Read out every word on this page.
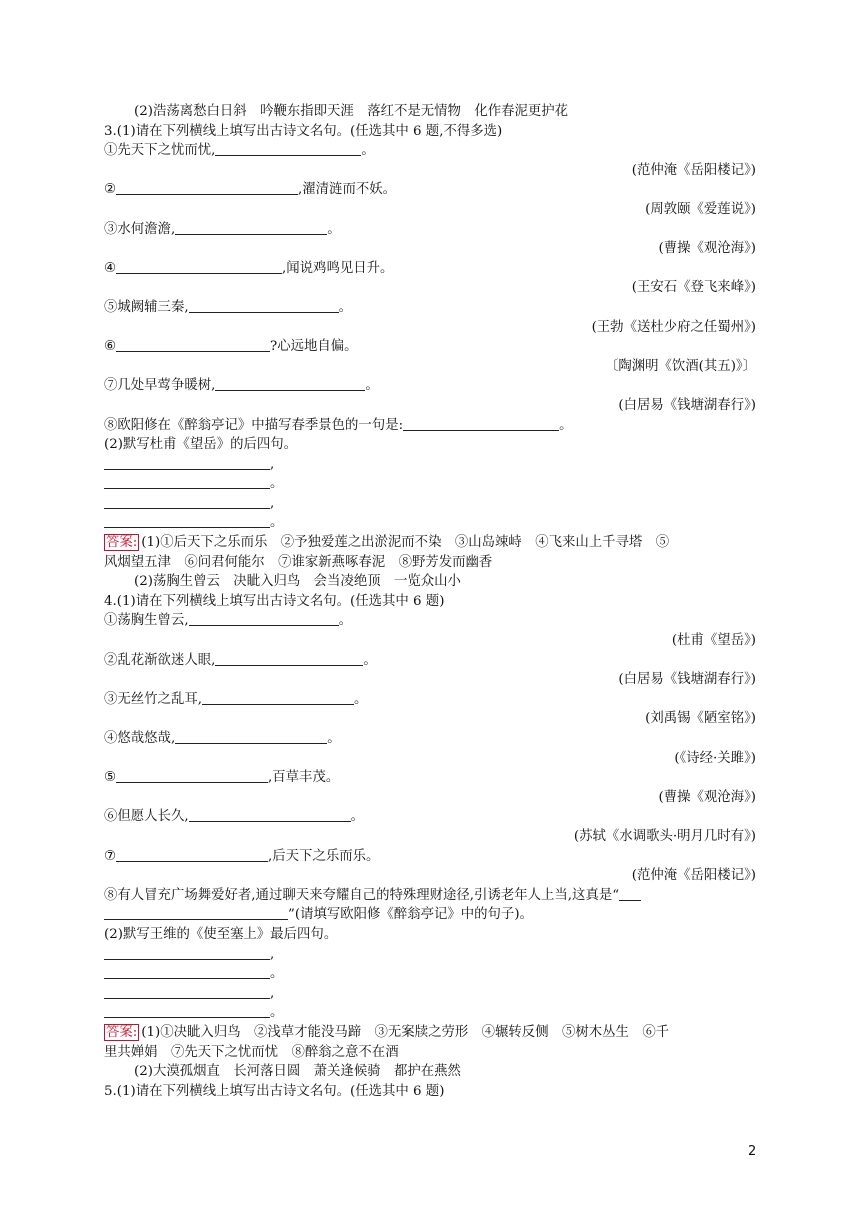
(2)浩荡离愁白日斜　吟鞭东指即天涯　落红不是无情物　化作春泥更护花
3.(1)请在下列横线上填写出古诗文名句。(任选其中 6 题,不得多选)
①先天下之忧而忧,	。
(范仲淹《岳阳楼记》)
②	,濯清涟而不妖。
(周敦颐《爱莲说》)
③水何澹澹,	。
(曹操《观沧海》)
④	,闻说鸡鸣见日升。
(王安石《登飞来峰》)
⑤城阙辅三秦,	。
(王勃《送杜少府之任蜀州》)
⑥	?心远地自偏。
〔陶渊明《饮酒(其五)》〕
⑦几处早莺争暖树,	。
(白居易《钱塘湖春行》)
⑧欧阳修在《醉翁亭记》中描写春季景色的一句是:	。
(2)默写杜甫《望岳》的后四句。
,
。
,
。
答案: (1)①后天下之乐而乐　②予独爱莲之出淤泥而不染　③山岛竦峙　④飞来山上千寻塔　⑤
风烟望五津　⑥问君何能尔　⑦谁家新燕啄春泥　⑧野芳发而幽香
(2)荡胸生曾云　决眦入归鸟　会当凌绝顶　一览众山小
4.(1)请在下列横线上填写出古诗文名句。(任选其中 6 题)
①荡胸生曾云,	。
(杜甫《望岳》)
②乱花渐欲迷人眼,	。
(白居易《钱塘湖春行》)
③无丝竹之乱耳,	。
(刘禹锡《陋室铭》)
④悠哉悠哉,	。
(《诗经·关雎》)
⑤	,百草丰茂。
(曹操《观沧海》)
⑥但愿人长久,	。
(苏轼《水调歌头·明月几时有》)
⑦	,后天下之乐而乐。
(范仲淹《岳阳楼记》)
⑧有人冒充广场舞爱好者,通过聊天来夸耀自己的特殊理财途径,引诱老年人上当,这真是“
”(请填写欧阳修《醉翁亭记》中的句子)。
(2)默写王维的《使至塞上》最后四句。
,
。
,
。
答案: (1)①决眦入归鸟　②浅草才能没马蹄　③无案牍之劳形　④辗转反侧　⑤树木丛生　⑥千
里共婵娟　⑦先天下之忧而忧　⑧醉翁之意不在酒
(2)大漠孤烟直　长河落日圆　萧关逢候骑　都护在燕然
5.(1)请在下列横线上填写出古诗文名句。(任选其中 6 题)
2
